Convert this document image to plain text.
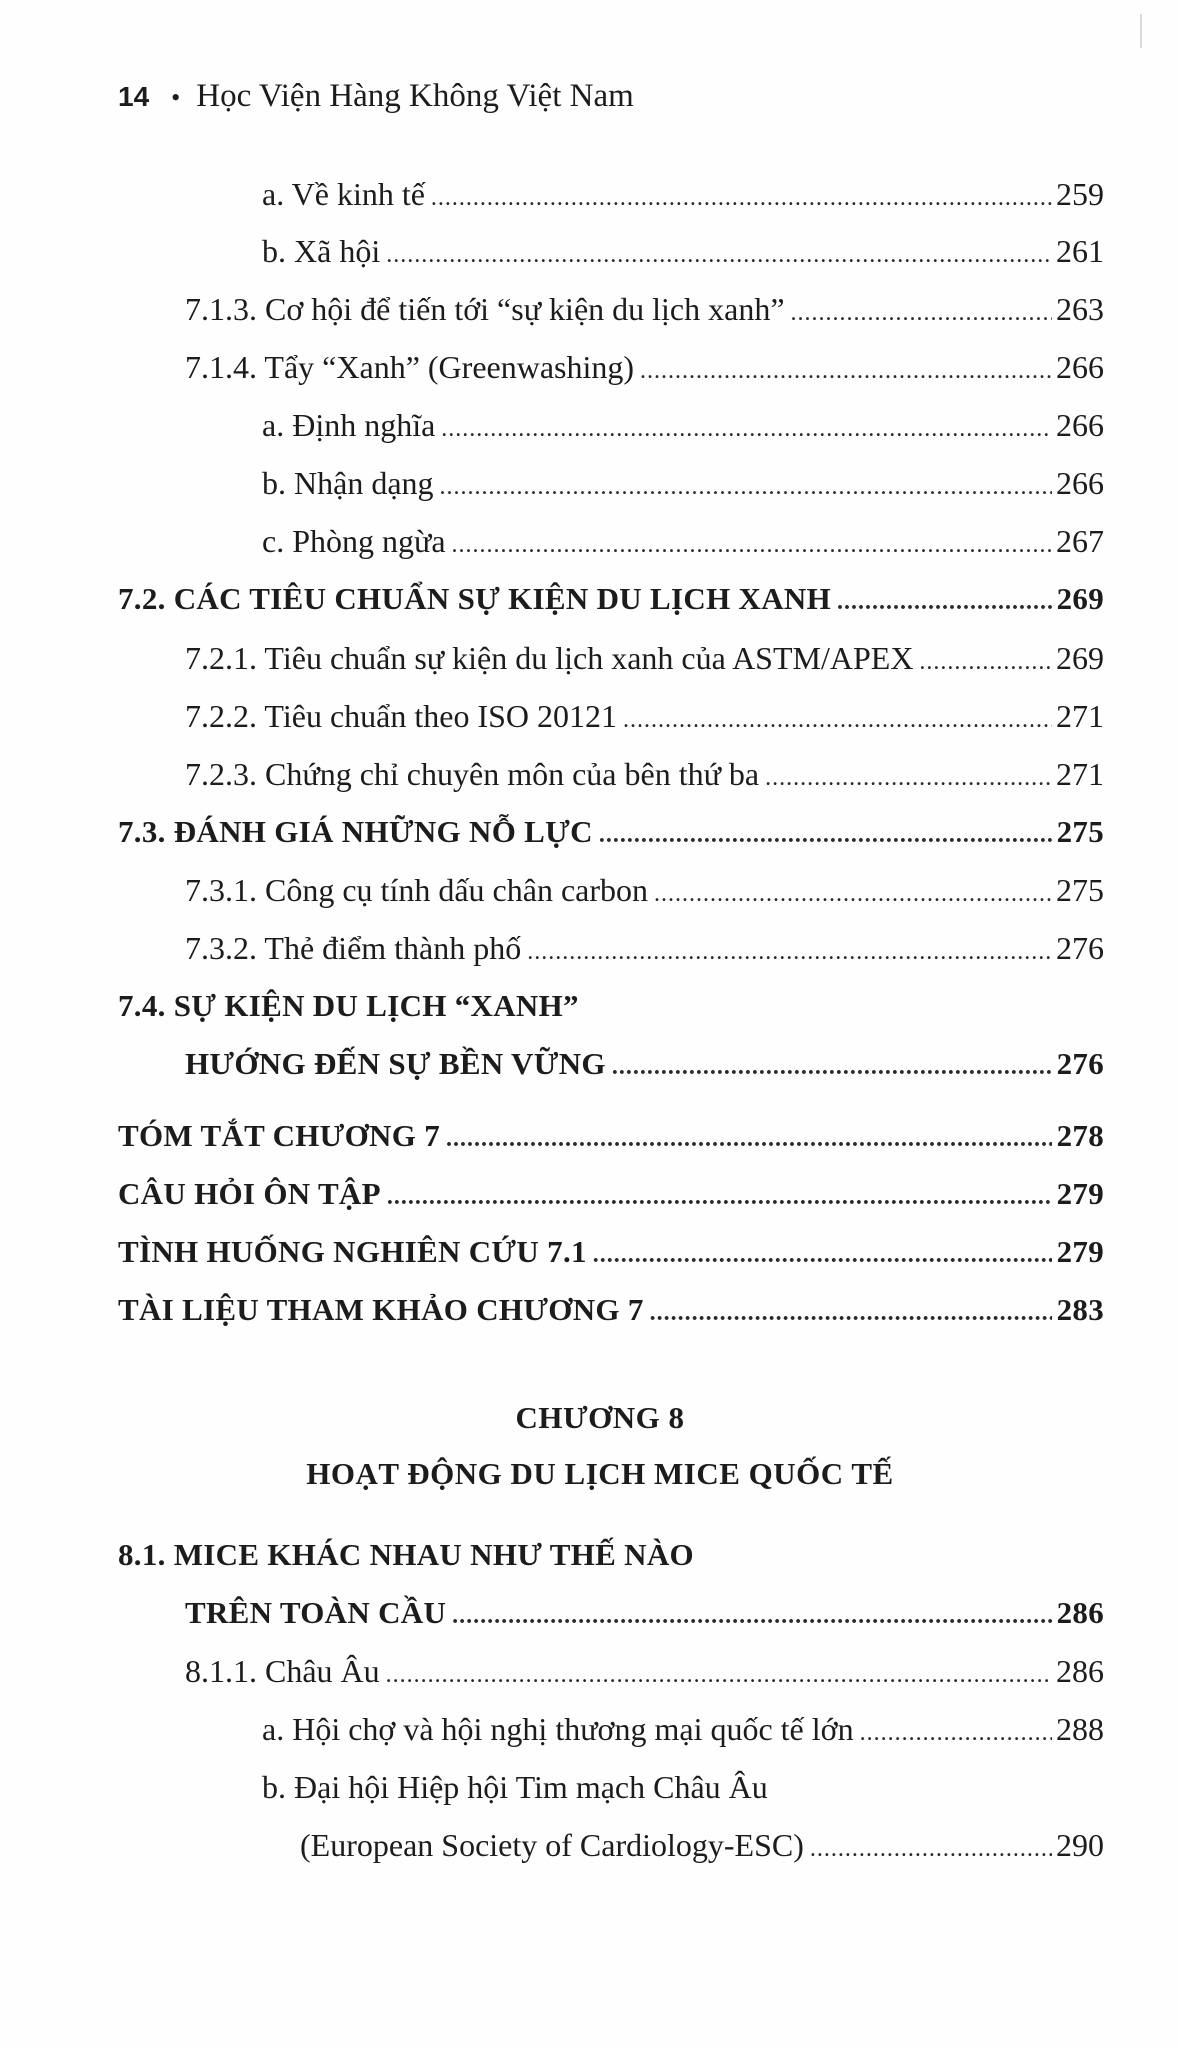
14 • Học Viện Hàng Không Việt Nam
a. Về kinh tế .....	259
b. Xã hội .....	261
7.1.3. Cơ hội để tiến tới “sự kiện du lịch xanh” .....	263
7.1.4. Tẩy “Xanh” (Greenwashing) .....	266
a. Định nghĩa .....	266
b. Nhận dạng .....	266
c. Phòng ngừa .....	267
7.2. CÁC TIÊU CHUẨN SỰ KIỆN DU LỊCH XANH .....	269
7.2.1. Tiêu chuẩn sự kiện du lịch xanh của ASTM/APEX .....	269
7.2.2. Tiêu chuẩn theo ISO 20121 .....	271
7.2.3. Chứng chỉ chuyên môn của bên thứ ba .....	271
7.3. ĐÁNH GIÁ NHỮNG NỖ LỰC .....	275
7.3.1. Công cụ tính dấu chân carbon .....	275
7.3.2. Thẻ điểm thành phố .....	276
7.4. SỰ KIỆN DU LỊCH “XANH”
HƯỚNG ĐẾN SỰ BỀN VỮNG .....	276
TÓM TẮT CHƯƠNG 7 .....	278
CÂU HỎI ÔN TẬP .....	279
TÌNH HUỐNG NGHIÊN CỨU 7.1 .....	279
TÀI LIỆU THAM KHẢO CHƯƠNG 7 .....	283
CHƯƠNG 8
HOẠT ĐỘNG DU LỊCH MICE QUỐC TẾ
8.1. MICE KHÁC NHAU NHƯ THẾ NÀO
TRÊN TOÀN CẦU .....	286
8.1.1. Châu Âu .....	286
a. Hội chợ và hội nghị thương mại quốc tế lớn .....	288
b. Đại hội Hiệp hội Tim mạch Châu Âu
(European Society of Cardiology-ESC) .....	290
